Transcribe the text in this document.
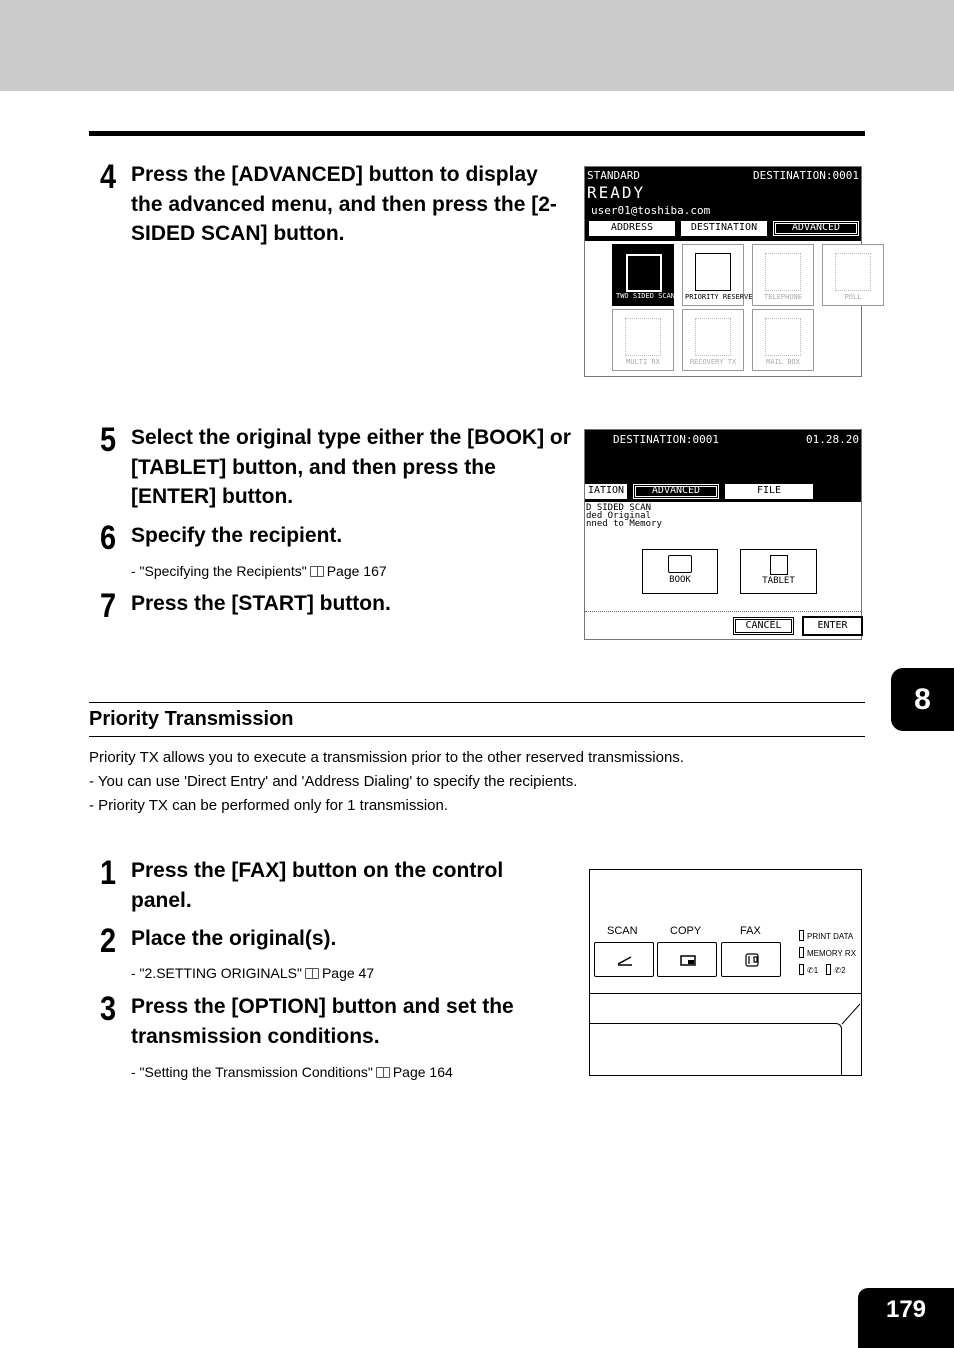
4 Press the [ADVANCED] button to display the advanced menu, and then press the [2-SIDED SCAN] button.
STANDARD	DESTINATION:0001
READY
user01@toshiba.com
ADDRESS	DESTINATION	ADVANCED
TWO SIDED SCAN PRIORITY RESERVE	TELEPHONE	POLL
MULTI RX	RECOVERY TX	MAIL BOX
5 Select the original type either the [BOOK] or [TABLET] button, and then press the [ENTER] button.
6 Specify the recipient.
- "Specifying the Recipients" Page 167
7 Press the [START] button.
DESTINATION:0001	01.28.20
IATION	ADVANCED	FILE
D SIDED SCAN
ded Original
nned to Memory
BOOK	TABLET
CANCEL	ENTER
Priority Transmission
Priority TX allows you to execute a transmission prior to the other reserved transmissions.
- You can use 'Direct Entry' and 'Address Dialing' to specify the recipients.
- Priority TX can be performed only for 1 transmission.
1 Press the [FAX] button on the control panel.
2 Place the original(s).
- "2.SETTING ORIGINALS" Page 47
3 Press the [OPTION] button and set the transmission conditions.
- "Setting the Transmission Conditions" Page 164
SCAN	COPY	FAX	PRINT DATA
MEMORY RX
✆1 ✆2
8
179
